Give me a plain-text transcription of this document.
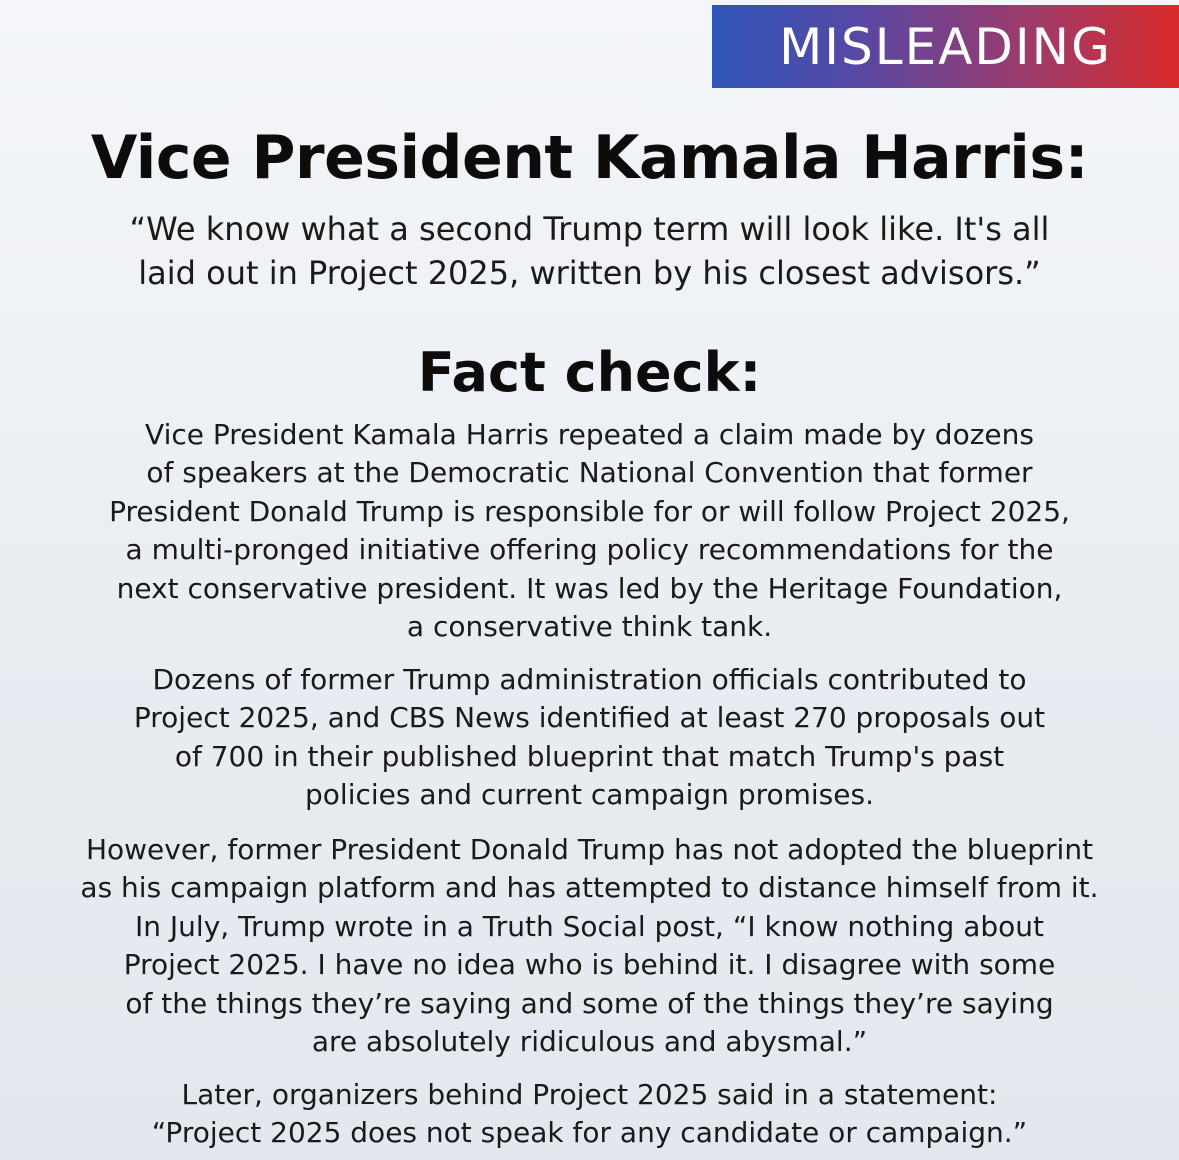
MISLEADING
Vice President Kamala Harris:
“We know what a second Trump term will look like. It's all
laid out in Project 2025, written by his closest advisors.”
Fact check:
Vice President Kamala Harris repeated a claim made by dozens
of speakers at the Democratic National Convention that former
President Donald Trump is responsible for or will follow Project 2025,
a multi-pronged initiative offering policy recommendations for the
next conservative president. It was led by the Heritage Foundation,
a conservative think tank.
Dozens of former Trump administration officials contributed to
Project 2025, and CBS News identified at least 270 proposals out
of 700 in their published blueprint that match Trump's past
policies and current campaign promises.
However, former President Donald Trump has not adopted the blueprint
as his campaign platform and has attempted to distance himself from it.
In July, Trump wrote in a Truth Social post, “I know nothing about
Project 2025. I have no idea who is behind it. I disagree with some
of the things they’re saying and some of the things they’re saying
are absolutely ridiculous and abysmal.”
Later, organizers behind Project 2025 said in a statement:
“Project 2025 does not speak for any candidate or campaign.”
